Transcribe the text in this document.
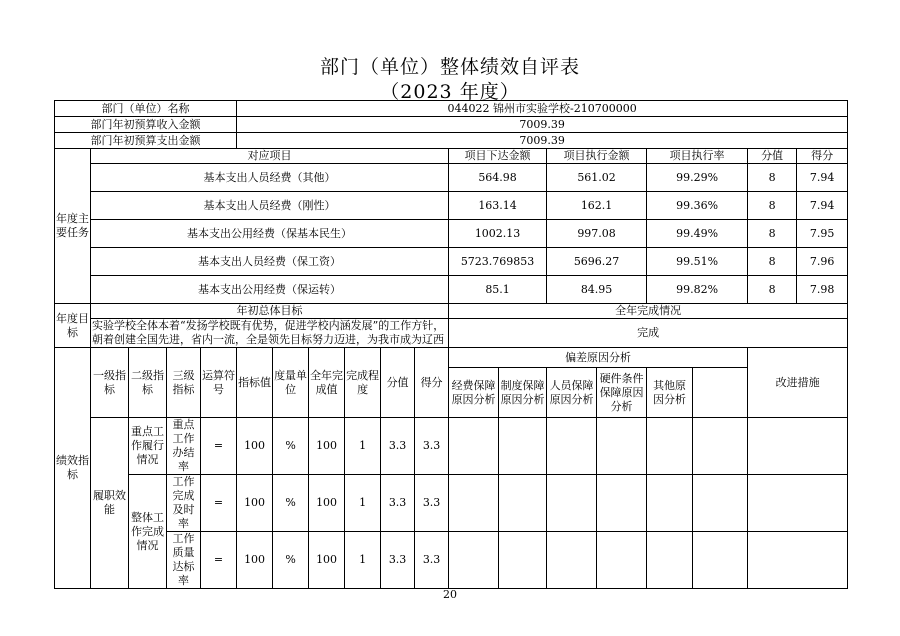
部门（单位）整体绩效自评表
（2023 年度）
部门（单位）名称					044022 锦州市实验学校-210700000													
部门年初预算收入金额					7009.39													
部门年初预算支出金额					7009.39													
年度主要任务	对应项目										项目下达金额		项目执行金额		项目执行率		分值	得分
	基本支出人员经费（其他）										564.98		561.02		99.29%		8	7.94
	基本支出人员经费（刚性）										163.14		162.1		99.36%		8	7.94
	基本支出公用经费（保基本民生）										1002.13		997.08		99.49%		8	7.95
	基本支出人员经费（保工资）										5723.769853		5696.27		99.51%		8	7.96
	基本支出公用经费（保运转）										85.1		84.95		99.82%		8	7.98
年度目标	年初总体目标										全年完成情况							

	实验学校全体本着“发扬学校既有优势，促进学校内涵发展”的工作方针，朝着创建全国先进，省内一流，全是领先目标努力迈进，为我市成为辽西										完成							
绩效指标	一级指标	二级指标	三级指标	运算符号	指标值	度量单位	全年完成值	完成程度	分值	得分	偏差原因分析						改进措施	
											经费保障原因分析	制度保障原因分析	人员保障原因分析	硬件条件保障原因分析	其他原因分析			
	履职效能	重点工作履行情况	重点工作办结率	=	100	%	100	1	3.3	3.3								
		整体工作完成情况	工作完成及时率	=	100	%	100	1	3.3	3.3								
			工作质量达标率	=	100	%	100	1	3.3	3.3								
20
